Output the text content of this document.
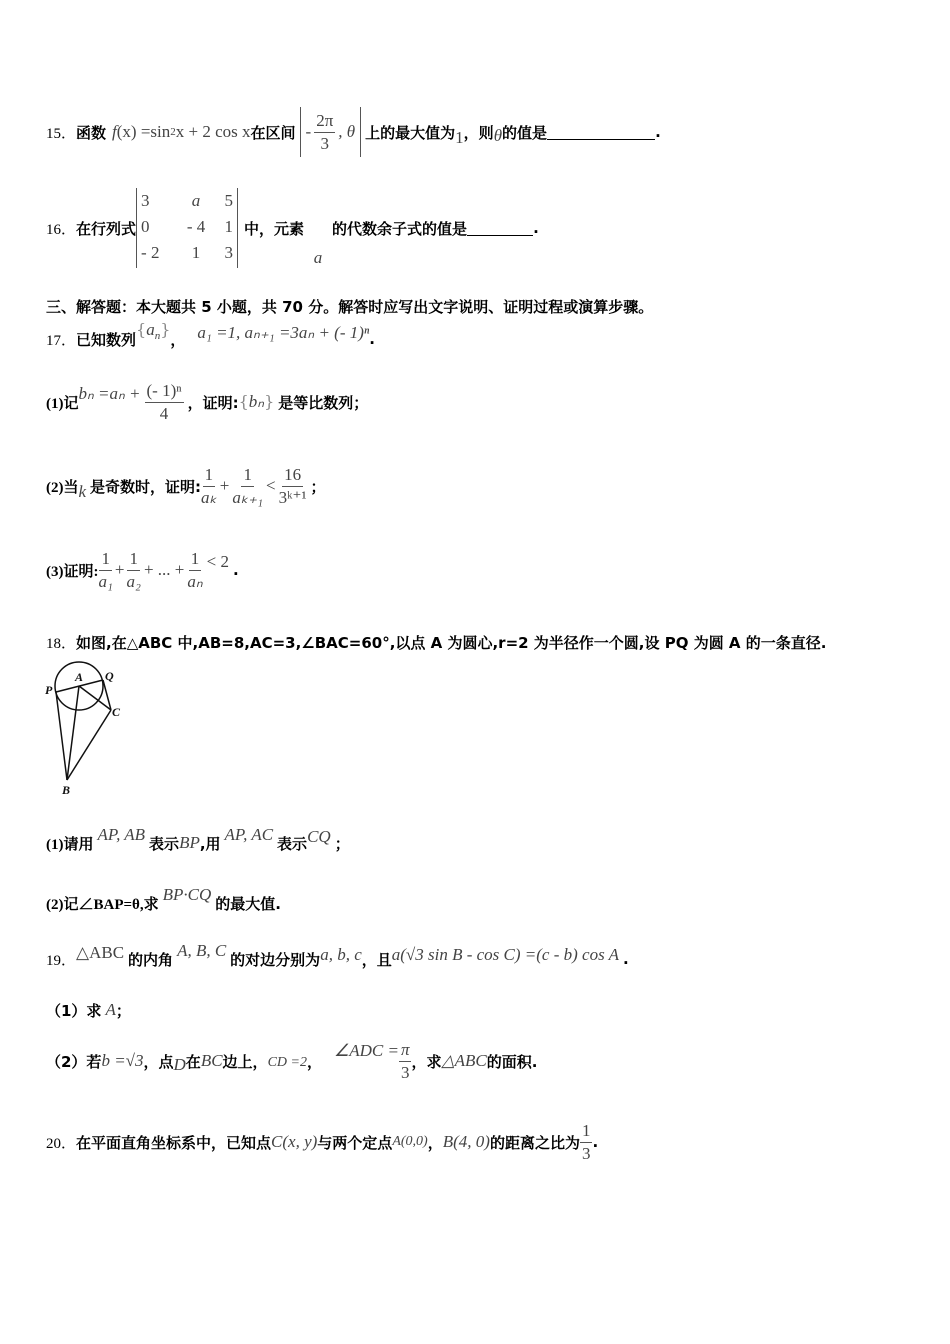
15． 函数 f (x) =sin 2 x + 2 cos x 在区间 - $\frac{2\pi}{3}$ , θ 上的最大值为 1 ，则 θ 的值是	.
16． 在行列式
3	a	5
0	- 4	1
- 2	1	3
中，元素
a
的代数余子式的值是	.
三、解答题：本大题共 5 小题，共 70 分。解答时应写出文字说明、证明过程或演算步骤。
17． 已知数列
$\{a_n\}$
， a₁ =1, aₙ₊₁ =3aₙ + (- 1)ⁿ .
(1)记
$b_n =a_n + \frac{\text{(- 1)ⁿ}}{4}$ ，证明: {bₙ} 是等比数列；
(2)当 k 是奇数时，证明: $\frac{1}{\text{aₖ}} + \frac{1}{\text{aₖ₊₁}} < \frac{16}{\text{3ᵏ⁺¹}}$ ；
(3)证明: $\frac{1}{\text{a₁}} + \frac{1}{\text{a₂}}$ + ... + $\frac{1}{\text{aₙ}} < 2$ .
18． 如图,在△ABC 中,AB=8,AC=3,∠BAC=60°,以点 A 为圆心,r=2 为半径作一个圆,设 PQ 为圆 A 的一条直径.
A
P
Q
C
B
(1)请用
AP, AB 表示 BP ,用 AP, AC 表示 CQ ；
(2)记∠BAP=θ,求
BP·CQ 的最大值.
19． △ABC 的内角 A, B, C 的对边分别为 a, b, c ，且 a(√3 sin B - cos C) =(c - b) cos A .
（1）求 A ；
（2）若 b =√3 ，点 D 在 BC 边上， CD =2 ，
∠ADC = $\frac{\pi}{3}$ ，求 △ABC 的面积.
20． 在平面直角坐标系中，已知点 C(x, y) 与两个定点 A(0,0) ， B(4, 0) 的距离之比为 $\frac{1}{3}$ .
